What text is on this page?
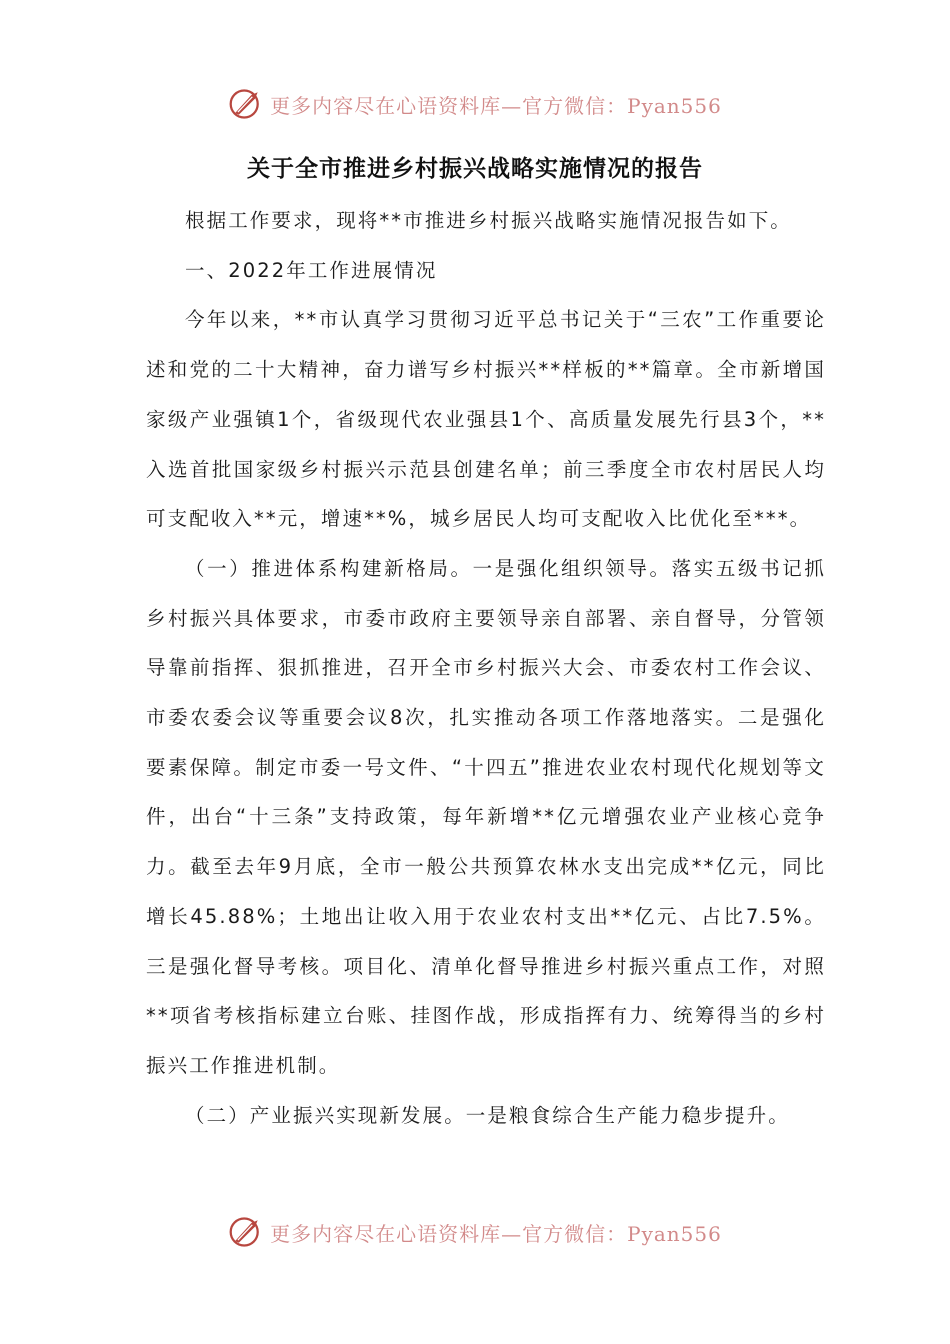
更多内容尽在心语资料库—官方微信：Pyan556
关于全市推进乡村振兴战略实施情况的报告

根据工作要求，现将**市推进乡村振兴战略实施情况报告如下。

一、2022年工作进展情况

今年以来，**市认真学习贯彻习近平总书记关于“三农”工作重要论述和党的二十大精神，奋力谱写乡村振兴**样板的**篇章。全市新增国家级产业强镇1个，省级现代农业强县1个、高质量发展先行县3个，**入选首批国家级乡村振兴示范县创建名单；前三季度全市农村居民人均可支配收入**元，增速**%，城乡居民人均可支配收入比优化至***。

（一）推进体系构建新格局。一是强化组织领导。落实五级书记抓乡村振兴具体要求，市委市政府主要领导亲自部署、亲自督导，分管领导靠前指挥、狠抓推进，召开全市乡村振兴大会、市委农村工作会议、市委农委会议等重要会议8次，扎实推动各项工作落地落实。二是强化要素保障。制定市委一号文件、“十四五”推进农业农村现代化规划等文件，出台“十三条”支持政策，每年新增**亿元增强农业产业核心竞争力。截至去年9月底，全市一般公共预算农林水支出完成**亿元，同比增长45.88%；土地出让收入用于农业农村支出**亿元、占比7.5%。三是强化督导考核。项目化、清单化督导推进乡村振兴重点工作，对照**项省考核指标建立台账、挂图作战，形成指挥有力、统筹得当的乡村振兴工作推进机制。

（二）产业振兴实现新发展。一是粮食综合生产能力稳步提升。

更多内容尽在心语资料库—官方微信：Pyan556
